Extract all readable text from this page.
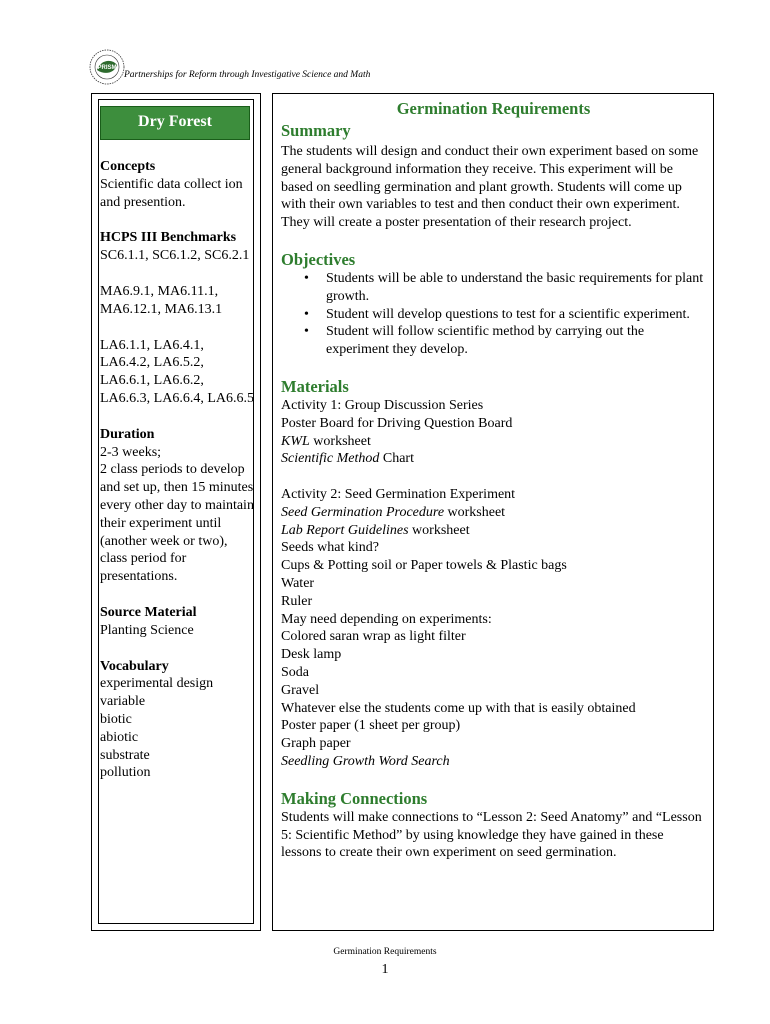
PRISM
Partnerships for Reform through Investigative Science and Math
Dry Forest

Concepts
Scientific data collect ion and presention.

HCPS III Benchmarks
SC6.1.1, SC6.1.2, SC6.2.1

MA6.9.1, MA6.11.1, MA6.12.1, MA6.13.1

LA6.1.1, LA6.4.1, LA6.4.2, LA6.5.2, LA6.6.1, LA6.6.2, LA6.6.3, LA6.6.4, LA6.6.5

Duration
2-3 weeks;
2 class periods to develop and set up, then 15 minutes every other day to maintain their experiment until (another week or two), class period for presentations.

Source Material
Planting Science

Vocabulary
experimental design
variable
biotic
abiotic
substrate
pollution

Germination Requirements
Summary

The students will design and conduct their own experiment based on some general background information they receive. This experiment will be based on seedling germination and plant growth. Students will come up with their own variables to test and then conduct their own experiment. They will create a poster presentation of their research project.

Objectives
• Students will be able to understand the basic requirements for plant growth.
• Student will develop questions to test for a scientific experiment.
• Student will follow scientific method by carrying out the experiment they develop.
Materials
Activity 1: Group Discussion Series
Poster Board for Driving Question Board
KWL worksheet
Scientific Method Chart
Activity 2: Seed Germination Experiment
Seed Germination Procedure worksheet
Lab Report Guidelines worksheet
Seeds what kind?
Cups & Potting soil or Paper towels & Plastic bags
Water
Ruler
May need depending on experiments:
Colored saran wrap as light filter
Desk lamp
Soda
Gravel
Whatever else the students come up with that is easily obtained
Poster paper (1 sheet per group)
Graph paper
Seedling Growth Word Search
Making Connections

Students will make connections to “Lesson 2: Seed Anatomy” and “Lesson 5: Scientific Method” by using knowledge they have gained in these lessons to create their own experiment on seed germination.

Germination Requirements
1
